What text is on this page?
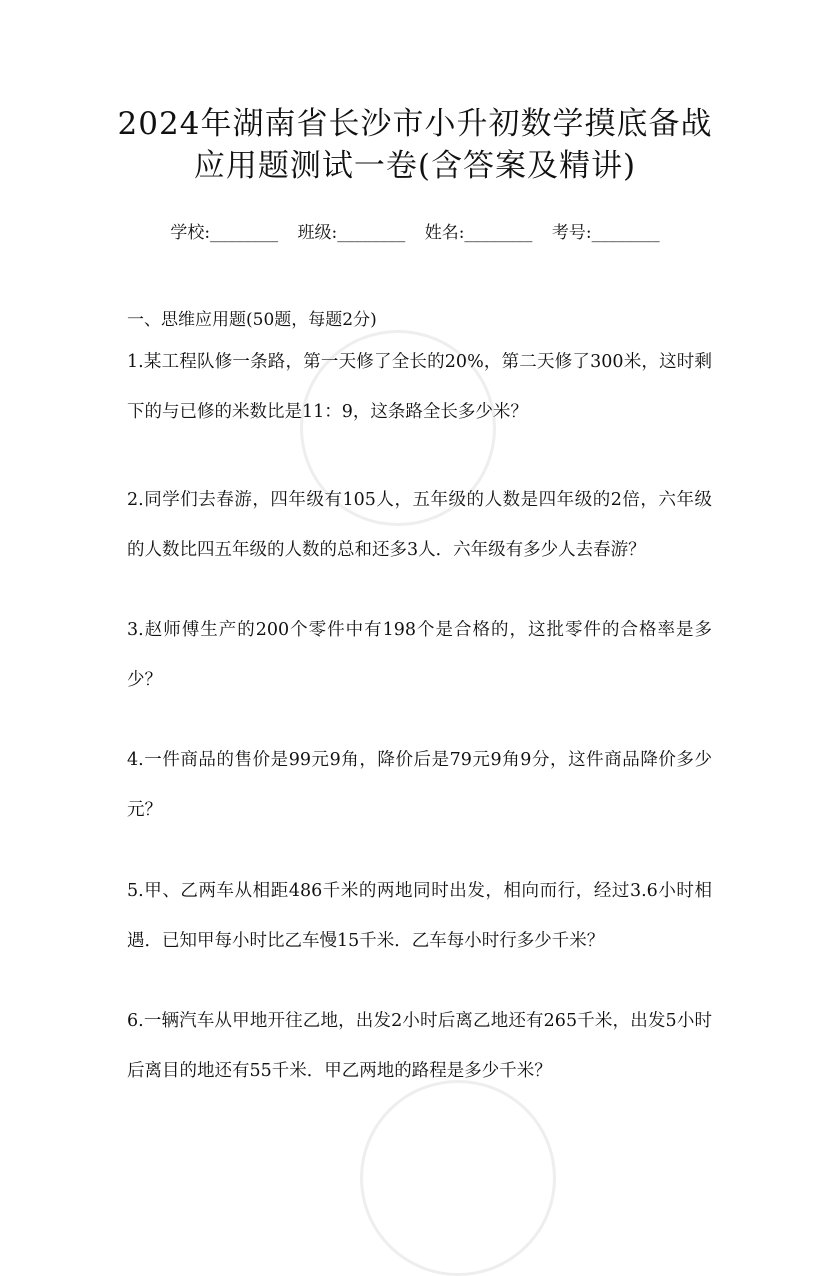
2024年湖南省长沙市小升初数学摸底备战
应用题测试一卷(含答案及精讲)
学校:________ 班级:________ 姓名:________ 考号:________
一、思维应用题(50题，每题2分)
1.某工程队修一条路，第一天修了全长的20%，第二天修了300米，这时剩下的与已修的米数比是11：9，这条路全长多少米？
2.同学们去春游，四年级有105人，五年级的人数是四年级的2倍，六年级的人数比四五年级的人数的总和还多3人．六年级有多少人去春游？
3.赵师傅生产的200个零件中有198个是合格的，这批零件的合格率是多少？
4.一件商品的售价是99元9角，降价后是79元9角9分，这件商品降价多少元？
5.甲、乙两车从相距486千米的两地同时出发，相向而行，经过3.6小时相遇．已知甲每小时比乙车慢15千米．乙车每小时行多少千米？
6.一辆汽车从甲地开往乙地，出发2小时后离乙地还有265千米，出发5小时后离目的地还有55千米．甲乙两地的路程是多少千米？
